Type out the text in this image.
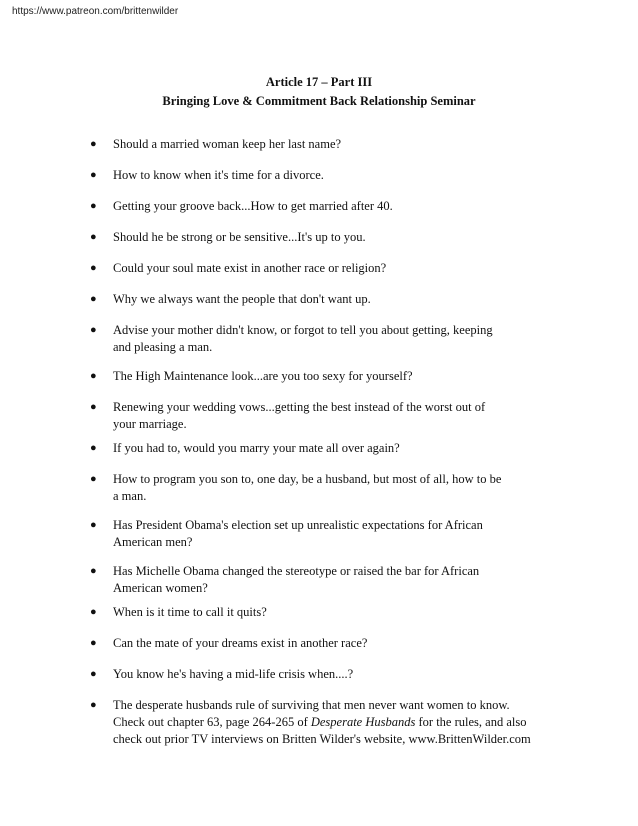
https://www.patreon.com/brittenwilder
Article 17 – Part III
Bringing Love & Commitment Back Relationship Seminar
● Should a married woman keep her last name?
● How to know when it's time for a divorce.
● Getting your groove back...How to get married after 40.
● Should he be strong or be sensitive...It's up to you.
● Could your soul mate exist in another race or religion?
● Why we always want the people that don't want up.
● Advise your mother didn't know, or forgot to tell you about getting, keeping
and pleasing a man.
● The High Maintenance look...are you too sexy for yourself?
● Renewing your wedding vows...getting the best instead of the worst out of
your marriage.
● If you had to, would you marry your mate all over again?
● How to program you son to, one day, be a husband, but most of all, how to be
a man.
● Has President Obama's election set up unrealistic expectations for African
American men?
● Has Michelle Obama changed the stereotype or raised the bar for African
American women?
● When is it time to call it quits?
● Can the mate of your dreams exist in another race?
● You know he's having a mid-life crisis when....?
● The desperate husbands rule of surviving that men never want women to know.
Check out chapter 63, page 264-265 of Desperate Husbands for the rules, and also
check out prior TV interviews on Britten Wilder's website, www.BrittenWilder.com
